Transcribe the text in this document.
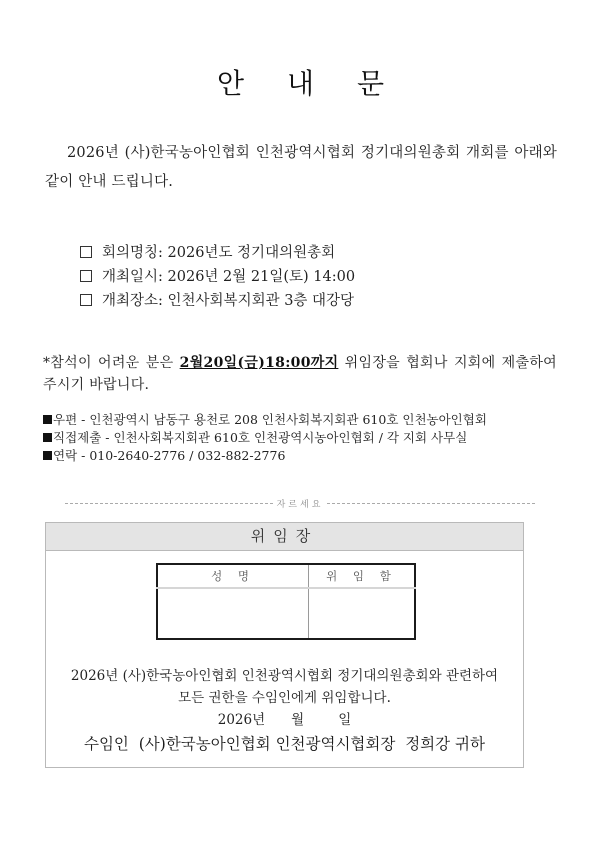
안 내 문

2026년 (사)한국농아인협회 인천광역시협회 정기대의원총회 개회를 아래와 같이 안내 드립니다.

회의명칭: 2026년도 정기대의원총회
개최일시: 2026년 2월 21일(토) 14:00
개최장소: 인천사회복지회관 3층 대강당

*참석이 어려운 분은 2월20일(금)18:00까지 위임장을 협회나 지회에 제출하여 주시기 바랍니다.

우편 - 인천광역시 남동구 용천로 208 인천사회복지회관 610호 인천농아인협회
직접제출 - 인천사회복지회관 610호 인천광역시농아인협회 / 각 지회 사무실
연락 - 010-2640-2776 / 032-882-2776
자르세요
위임장
성 명	위 임 함

2026년 (사)한국농아인협회 인천광역시협회 정기대의원총회와 관련하여
모든 권한을 수임인에게 위임합니다.
2026년 월	일
수임인  (사)한국농아인협회 인천광역시협회장  정희강 귀하
